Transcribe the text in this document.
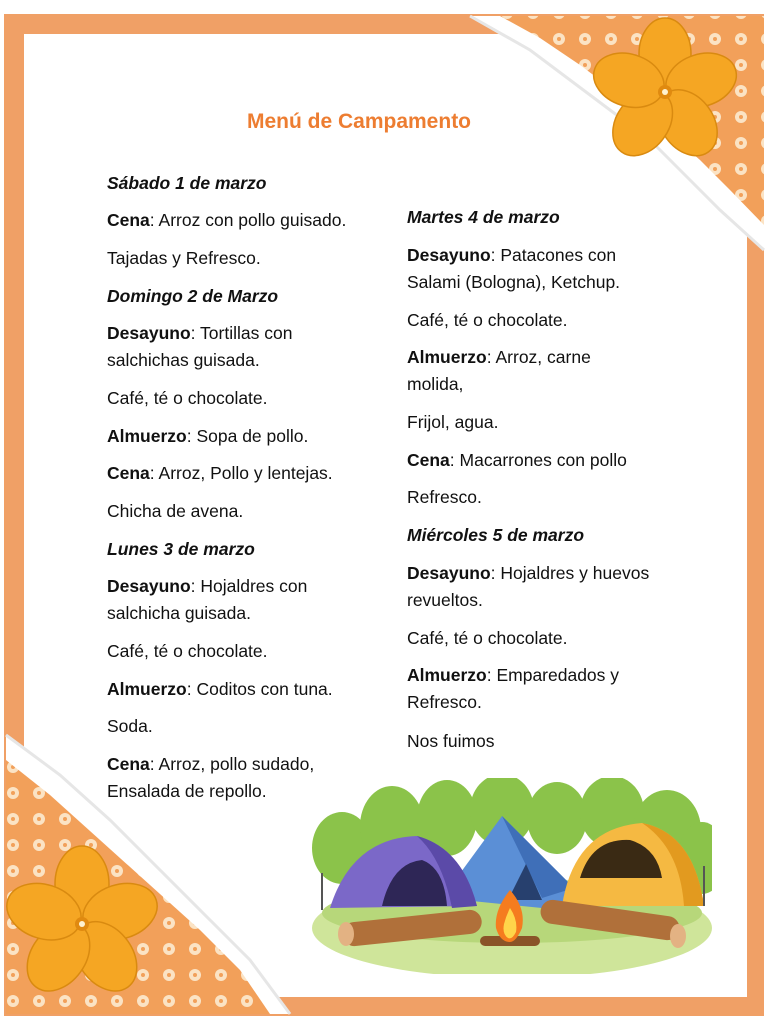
Menú de Campamento
Sábado 1 de marzo
Cena: Arroz con pollo guisado.
Tajadas y Refresco.
Domingo 2 de Marzo
Desayuno: Tortillas con
salchichas guisada.
Café, té o chocolate.
Almuerzo: Sopa de pollo.
Cena: Arroz, Pollo y lentejas.
Chicha de avena.
Lunes 3 de marzo
Desayuno: Hojaldres con
salchicha guisada.
Café, té o chocolate.
Almuerzo: Coditos con tuna.
Soda.
Cena: Arroz, pollo sudado,
Ensalada de repollo.
Martes 4 de marzo
Desayuno: Patacones con
Salami (Bologna), Ketchup.
Café, té o chocolate.
Almuerzo: Arroz, carne
molida,
Frijol, agua.
Cena: Macarrones con pollo
Refresco.
Miércoles 5 de marzo
Desayuno: Hojaldres y huevos
revueltos.
Café, té o chocolate.
Almuerzo: Emparedados y
Refresco.
Nos fuimos
